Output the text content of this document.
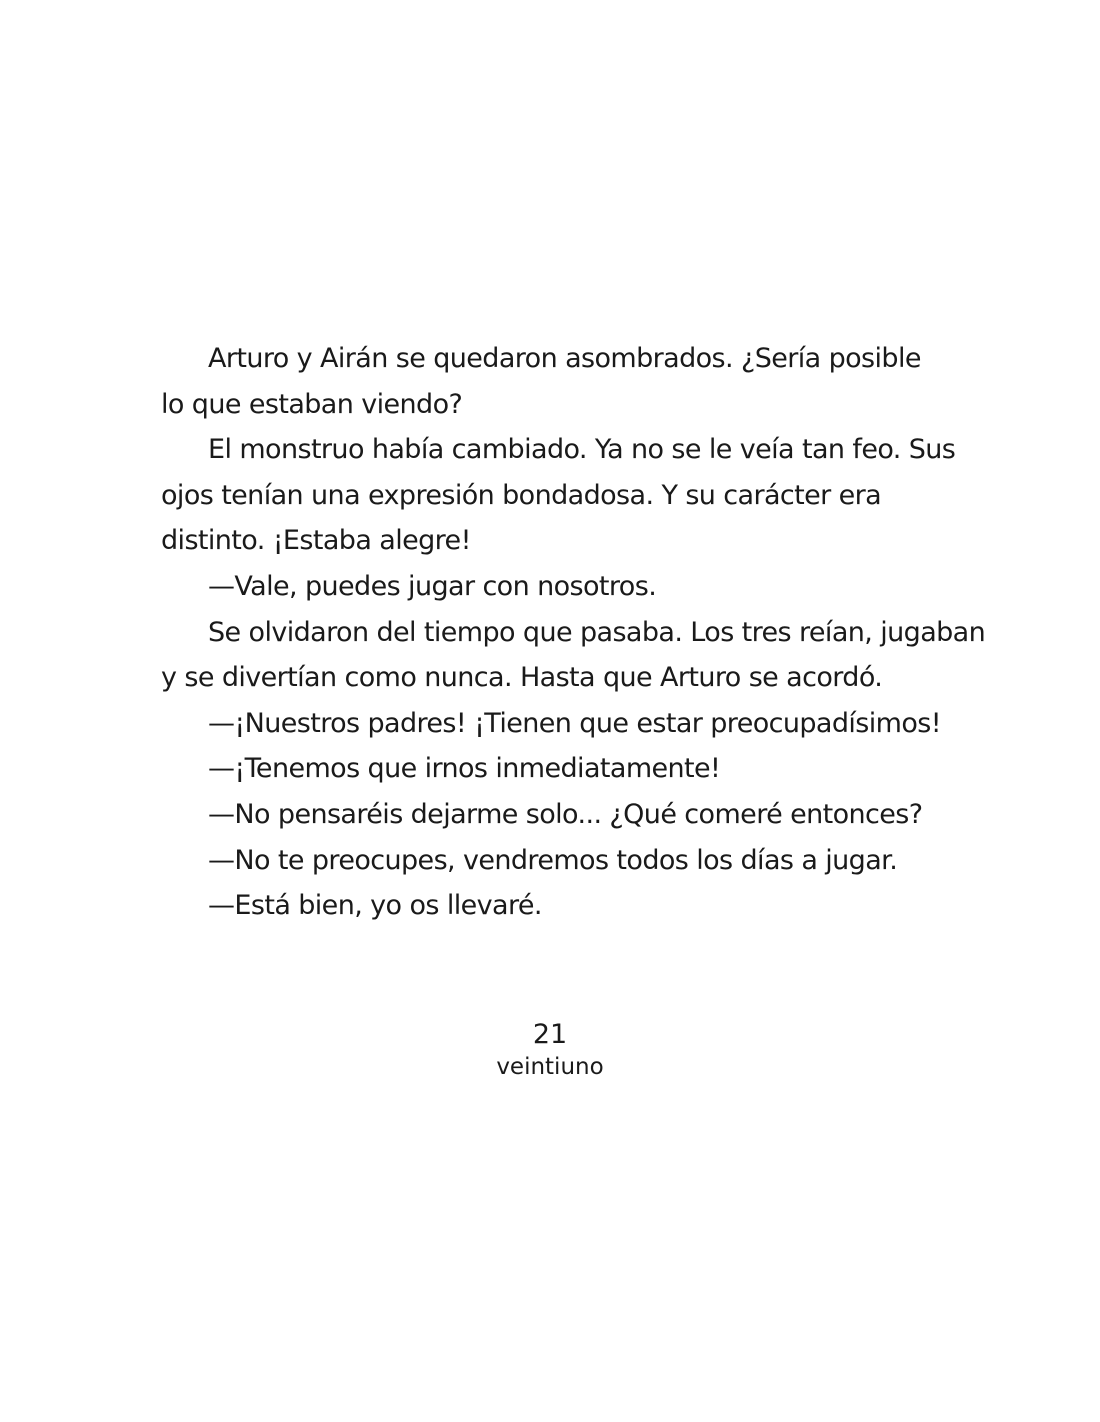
Arturo y Airán se quedaron asombrados. ¿Sería posible

lo que estaban viendo?

El monstruo había cambiado. Ya no se le veía tan feo. Sus

ojos tenían una expresión bondadosa. Y su carácter era

distinto. ¡Estaba alegre!

—Vale, puedes jugar con nosotros.

Se olvidaron del tiempo que pasaba. Los tres reían, jugaban

y se divertían como nunca. Hasta que Arturo se acordó.

—¡Nuestros padres! ¡Tienen que estar preocupadísimos!

—¡Tenemos que irnos inmediatamente!

—No pensaréis dejarme solo... ¿Qué comeré entonces?

—No te preocupes, vendremos todos los días a jugar.

—Está bien, yo os llevaré.

21
veintiuno
